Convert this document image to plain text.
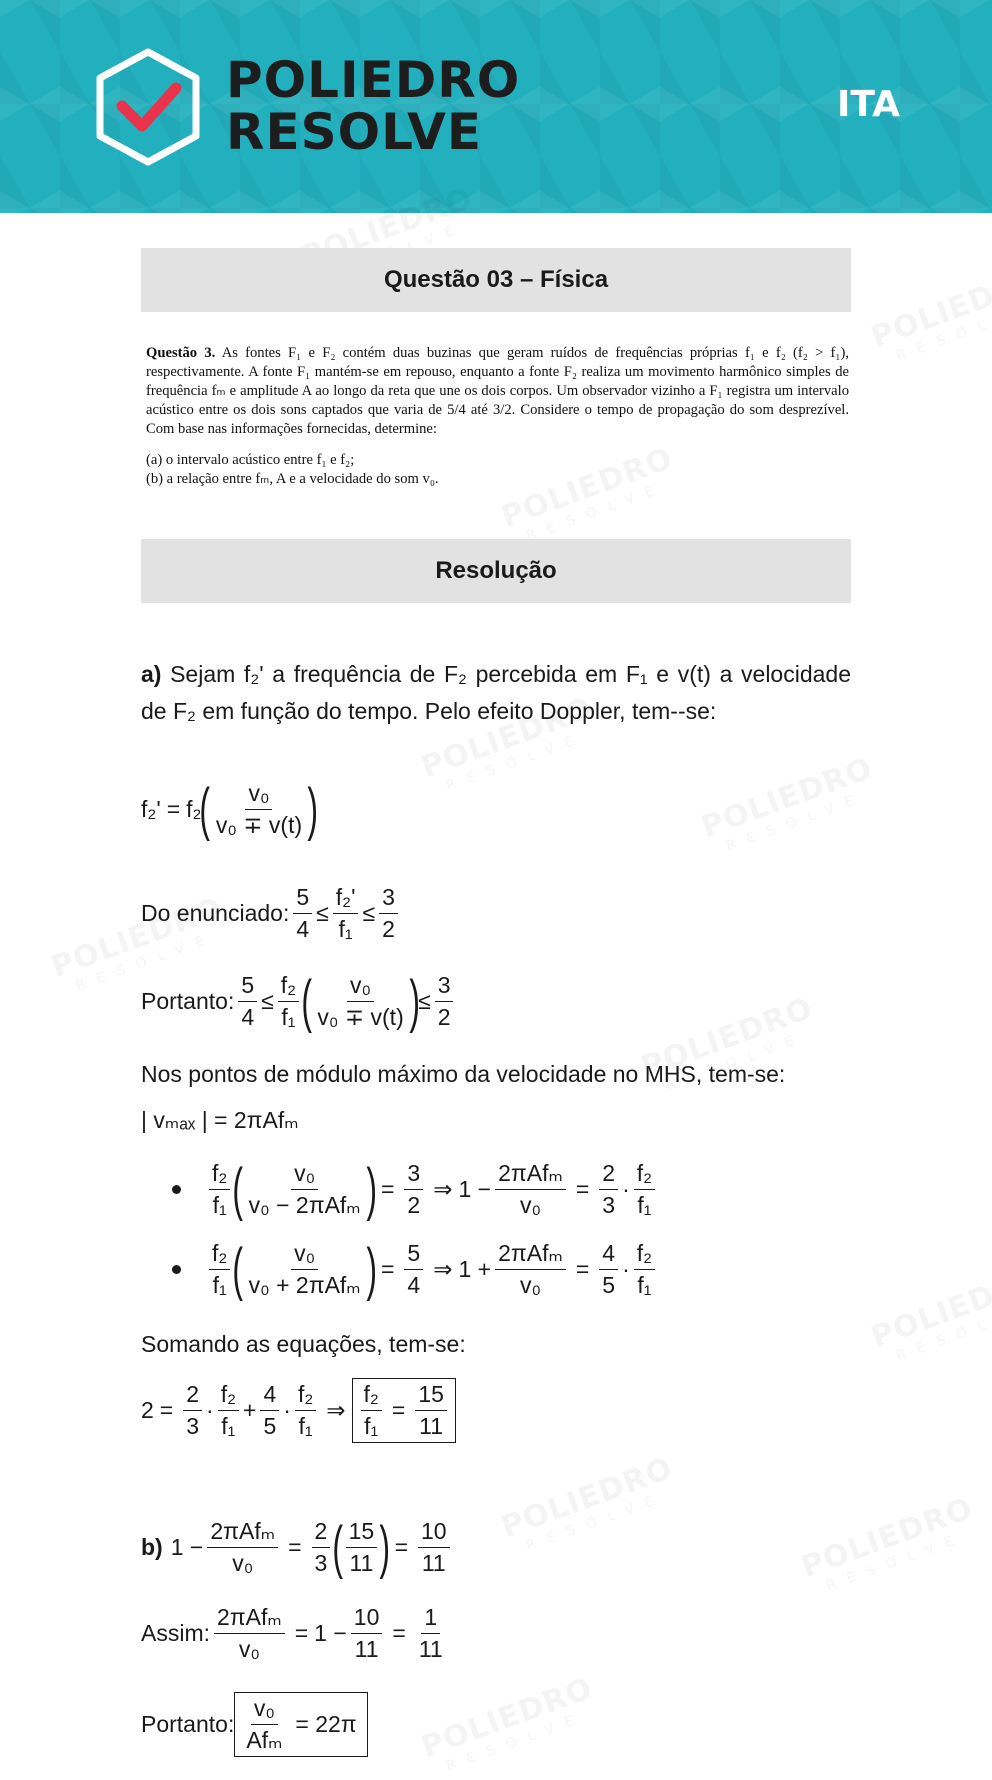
POLIEDRO
RESOLVE	ITA
Questão 03 – Física

Questão 3. As fontes F₁ e F₂ contém duas buzinas que geram ruídos de frequências próprias f₁ e f₂ (f₂ > f₁), respectivamente. A fonte F₁ mantém-se em repouso, enquanto a fonte F₂ realiza um movimento harmônico simples de frequência fₘ e amplitude A ao longo da reta que une os dois corpos. Um observador vizinho a F₁ registra um intervalo acústico entre os dois sons captados que varia de 5/4 até 3/2. Considere o tempo de propagação do som desprezível. Com base nas informações fornecidas, determine:

(a) o intervalo acústico entre f₁ e f₂;
(b) a relação entre fₘ, A e a velocidade do som v₀.
Resolução
a) Sejam f₂' a frequência de F₂ percebida em F₁ e v(t) a velocidade de F₂ em função do tempo. Pelo efeito Doppler, tem--se:
f₂' = f₂
( $\frac{\text{v₀}}{\text{v₀ ∓ v(t)}}$ )
Do enunciado: $\frac{5}{4} \le \frac{\text{f₂'}}{\text{f₁}} \le \frac{3}{2}$
Portanto: $\frac{5}{4} \le \frac{\text{f₂}}{\text{f₁}}$ ( $\frac{\text{v₀}}{\text{v₀ ∓ v(t)}}$ )
≤ $\frac{3}{2}$
Nos pontos de módulo máximo da velocidade no MHS, tem-se:
| vₘₐₓ | = 2πAfₘ
$\frac{\text{f₂}}{\text{f₁}}$ ( $\frac{\text{v₀}}{\text{v₀ − 2πAfₘ}}$ ) = $\frac{3}{2}$ ⇒ $1 - \frac{\text{2πAfₘ}}{\text{v₀}} = \frac{2}{3} \cdot \frac{\text{f₂}}{\text{f₁}}$
$\frac{\text{f₂}}{\text{f₁}}$ ( $\frac{\text{v₀}}{\text{v₀ + 2πAfₘ}}$ ) = $\frac{5}{4}$ ⇒ $1 + \frac{\text{2πAfₘ}}{\text{v₀}} = \frac{4}{5} \cdot \frac{\text{f₂}}{\text{f₁}}$
Somando as equações, tem-se:
$2 = \frac{2}{3} \cdot \frac{\text{f₂}}{\text{f₁}} + \frac{4}{5} \cdot \frac{\text{f₂}}{\text{f₁}}$ ⇒ $\frac{\text{f₂}}{\text{f₁}} = \frac{15}{11}$
b) $1 - \frac{\text{2πAfₘ}}{\text{v₀}} = \frac{2}{3}$ ( $\frac{15}{11}$ ) = $\frac{10}{11}$
Assim: $\frac{\text{2πAfₘ}}{\text{v₀}} = 1 - \frac{10}{11} = \frac{1}{11}$
Portanto: $\frac{\text{v₀}}{\text{Afₘ}} = 22\pi$
